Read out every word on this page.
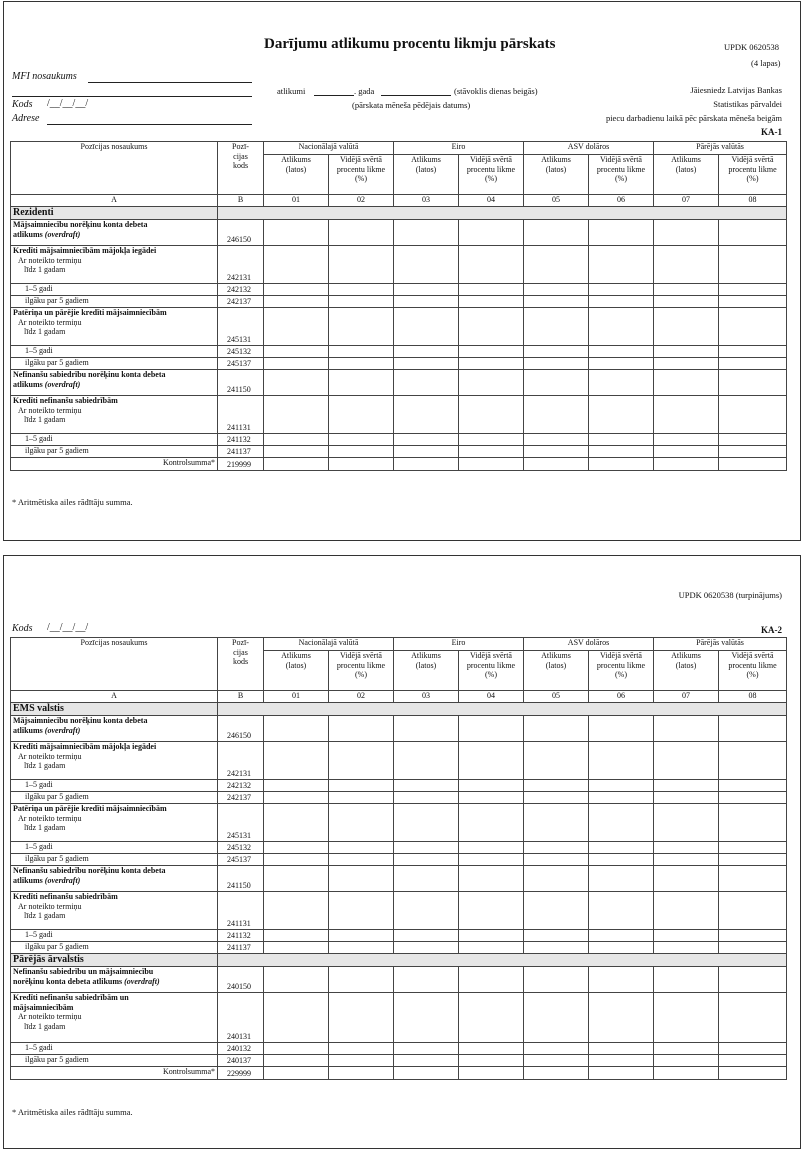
Darījumu atlikumu procentu likmju pārskats	UPDK 0620538
(4 lapas)
MFI nosaukums
Kods /__/__/__/
Adrese
atlikumi	. gada	(stāvoklis dienas beigās)
(pārskata mēneša pēdējais datums)
Jāiesniedz Latvijas Bankas
Statistikas pārvaldei
piecu darbadienu laikā pēc pārskata mēneša beigām
KA-1
Pozīcijas nosaukums	Pozī-
cijas
kods	Nacionālajā valūtā		Eiro		ASV dolāros		Pārējās valūtās	
		Atlikums
(latos)	Vidējā svērtā
procentu likme
(%)	Atlikums
(latos)	Vidējā svērtā
procentu likme
(%)	Atlikums
(latos)	Vidējā svērtā
procentu likme
(%)	Atlikums
(latos)	Vidējā svērtā
procentu likme
(%)
A	B	01	02	03	04	05	06	07	08
Rezidenti									
Mājsaimniecību norēķinu konta debeta
atlikums (overdraft)	246150								
Kredīti mājsaimniecībām mājokļa iegādei
Ar noteikto termiņu
līdz 1 gadam	242131								
1–5 gadi	242132								
ilgāku par 5 gadiem	242137								
Patēriņa un pārējie kredīti mājsaimniecībām
Ar noteikto termiņu
līdz 1 gadam	245131								
1–5 gadi	245132								
ilgāku par 5 gadiem	245137								
Nefinanšu sabiedrību norēķinu konta debeta
atlikums (overdraft)	241150								
Kredīti nefinanšu sabiedrībām
Ar noteikto termiņu
līdz 1 gadam	241131								
1–5 gadi	241132								
ilgāku par 5 gadiem	241137								
Kontrolsumma*	219999								
* Aritmētiska ailes rādītāju summa.
UPDK 0620538 (turpinājums)
Kods /__/__/__/	KA-2
Pozīcijas nosaukums	Pozī-
cijas
kods	Nacionālajā valūtā		Eiro		ASV dolāros		Pārējās valūtās	
		Atlikums
(latos)	Vidējā svērtā
procentu likme
(%)	Atlikums
(latos)	Vidējā svērtā
procentu likme
(%)	Atlikums
(latos)	Vidējā svērtā
procentu likme
(%)	Atlikums
(latos)	Vidējā svērtā
procentu likme
(%)
A	B	01	02	03	04	05	06	07	08
EMS valstis									
Mājsaimniecību norēķinu konta debeta
atlikums (overdraft)	246150								
Kredīti mājsaimniecībām mājokļa iegādei
Ar noteikto termiņu
līdz 1 gadam	242131								
1–5 gadi	242132								
ilgāku par 5 gadiem	242137								
Patēriņa un pārējie kredīti mājsaimniecībām
Ar noteikto termiņu
līdz 1 gadam	245131								
1–5 gadi	245132								
ilgāku par 5 gadiem	245137								
Nefinanšu sabiedrību norēķinu konta debeta
atlikums (overdraft)	241150								
Kredīti nefinanšu sabiedrībām
Ar noteikto termiņu
līdz 1 gadam	241131								
1–5 gadi	241132								
ilgāku par 5 gadiem	241137								
Pārējās ārvalstis									
Nefinanšu sabiedrību un mājsaimniecību
norēķinu konta debeta atlikums (overdraft)	240150								
Kredīti nefinanšu sabiedrībām un
mājsaimniecībām
Ar noteikto termiņu
līdz 1 gadam	240131								
1–5 gadi	240132								
ilgāku par 5 gadiem	240137								
Kontrolsumma*	229999								
* Aritmētiska ailes rādītāju summa.
